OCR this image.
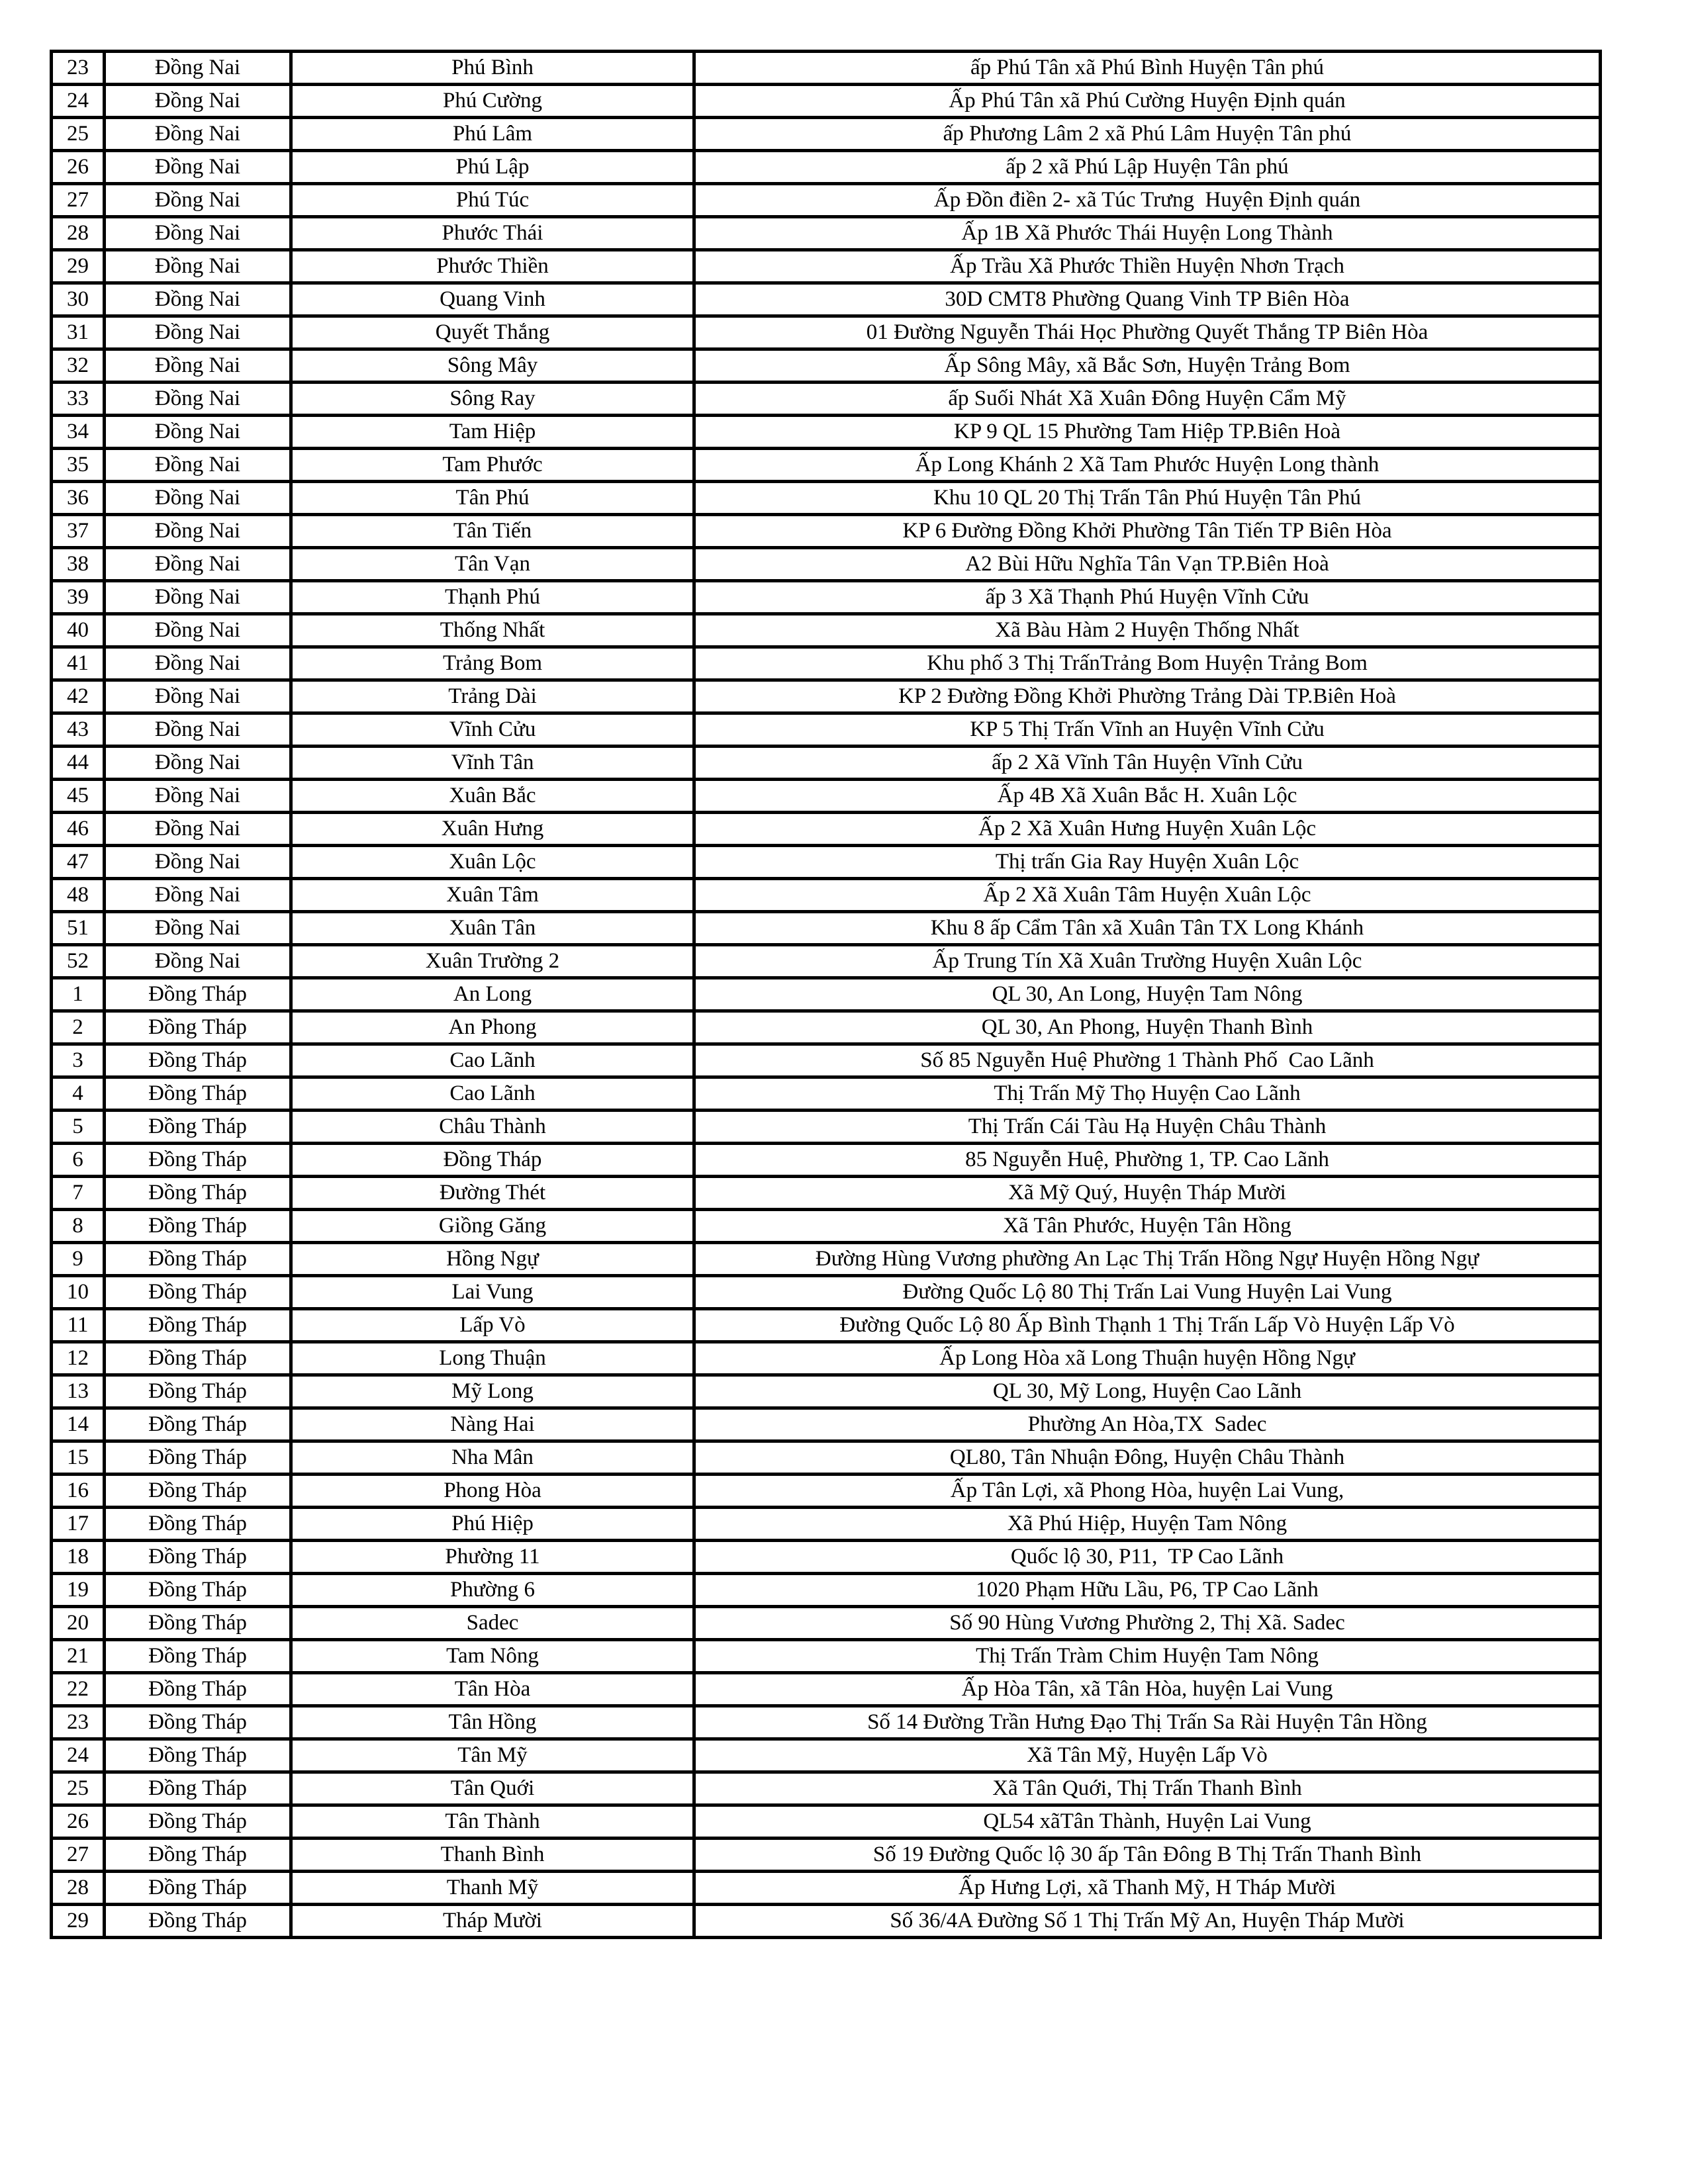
23	Đồng Nai	Phú Bình	ấp Phú Tân xã Phú Bình Huyện Tân phú
24	Đồng Nai	Phú Cường	Ấp Phú Tân xã Phú Cường Huyện Định quán
25	Đồng Nai	Phú Lâm	ấp Phương Lâm 2 xã Phú Lâm Huyện Tân phú
26	Đồng Nai	Phú Lập	ấp 2 xã Phú Lập Huyện Tân phú
27	Đồng Nai	Phú Túc	Ấp Đồn điền 2- xã Túc Trưng  Huyện Định quán
28	Đồng Nai	Phước Thái	Ấp 1B Xã Phước Thái Huyện Long Thành
29	Đồng Nai	Phước Thiền	Ấp Trầu Xã Phước Thiền Huyện Nhơn Trạch
30	Đồng Nai	Quang Vinh	30D CMT8 Phường Quang Vinh TP Biên Hòa
31	Đồng Nai	Quyết Thắng	01 Đường Nguyễn Thái Học Phường Quyết Thắng TP Biên Hòa
32	Đồng Nai	Sông Mây	Ấp Sông Mây, xã Bắc Sơn, Huyện Trảng Bom
33	Đồng Nai	Sông Ray	ấp Suối Nhát Xã Xuân Đông Huyện Cẩm Mỹ
34	Đồng Nai	Tam Hiệp	KP 9 QL 15 Phường Tam Hiệp TP.Biên Hoà
35	Đồng Nai	Tam Phước	Ấp Long Khánh 2 Xã Tam Phước Huyện Long thành
36	Đồng Nai	Tân Phú	Khu 10 QL 20 Thị Trấn Tân Phú Huyện Tân Phú
37	Đồng Nai	Tân Tiến	KP 6 Đường Đồng Khởi Phường Tân Tiến TP Biên Hòa
38	Đồng Nai	Tân Vạn	A2 Bùi Hữu Nghĩa Tân Vạn TP.Biên Hoà
39	Đồng Nai	Thạnh Phú	ấp 3 Xã Thạnh Phú Huyện Vĩnh Cửu
40	Đồng Nai	Thống Nhất	Xã Bàu Hàm 2 Huyện Thống Nhất
41	Đồng Nai	Trảng Bom	Khu phố 3 Thị TrấnTrảng Bom Huyện Trảng Bom
42	Đồng Nai	Trảng Dài	KP 2 Đường Đồng Khởi Phường Trảng Dài TP.Biên Hoà
43	Đồng Nai	Vĩnh Cửu	KP 5 Thị Trấn Vĩnh an Huyện Vĩnh Cửu
44	Đồng Nai	Vĩnh Tân	ấp 2 Xã Vĩnh Tân Huyện Vĩnh Cửu
45	Đồng Nai	Xuân Bắc	Ấp 4B Xã Xuân Bắc H. Xuân Lộc
46	Đồng Nai	Xuân Hưng	Ấp 2 Xã Xuân Hưng Huyện Xuân Lộc
47	Đồng Nai	Xuân Lộc	Thị trấn Gia Ray Huyện Xuân Lộc
48	Đồng Nai	Xuân Tâm	Ấp 2 Xã Xuân Tâm Huyện Xuân Lộc
51	Đồng Nai	Xuân Tân	Khu 8 ấp Cẩm Tân xã Xuân Tân TX Long Khánh
52	Đồng Nai	Xuân Trường 2	Ấp Trung Tín Xã Xuân Trường Huyện Xuân Lộc
1	Đồng Tháp	An Long	QL 30, An Long, Huyện Tam Nông
2	Đồng Tháp	An Phong	QL 30, An Phong, Huyện Thanh Bình
3	Đồng Tháp	Cao Lãnh	Số 85 Nguyễn Huệ Phường 1 Thành Phố  Cao Lãnh
4	Đồng Tháp	Cao Lãnh	Thị Trấn Mỹ Thọ Huyện Cao Lãnh
5	Đồng Tháp	Châu Thành	Thị Trấn Cái Tàu Hạ Huyện Châu Thành
6	Đồng Tháp	Đồng Tháp	85 Nguyễn Huệ, Phường 1, TP. Cao Lãnh
7	Đồng Tháp	Đường Thét	Xã Mỹ Quý, Huyện Tháp Mười
8	Đồng Tháp	Giồng Găng	Xã Tân Phước, Huyện Tân Hồng
9	Đồng Tháp	Hồng Ngự	Đường Hùng Vương phường An Lạc Thị Trấn Hồng Ngự Huyện Hồng Ngự
10	Đồng Tháp	Lai Vung	Đường Quốc Lộ 80 Thị Trấn Lai Vung Huyện Lai Vung
11	Đồng Tháp	Lấp Vò	Đường Quốc Lộ 80 Ấp Bình Thạnh 1 Thị Trấn Lấp Vò Huyện Lấp Vò
12	Đồng Tháp	Long Thuận	Ấp Long Hòa xã Long Thuận huyện Hồng Ngự
13	Đồng Tháp	Mỹ Long	QL 30, Mỹ Long, Huyện Cao Lãnh
14	Đồng Tháp	Nàng Hai	Phường An Hòa,TX  Sadec
15	Đồng Tháp	Nha Mân	QL80, Tân Nhuận Đông, Huyện Châu Thành
16	Đồng Tháp	Phong Hòa	Ấp Tân Lợi, xã Phong Hòa, huyện Lai Vung,
17	Đồng Tháp	Phú Hiệp	Xã Phú Hiệp, Huyện Tam Nông
18	Đồng Tháp	Phường 11	Quốc lộ 30, P11,  TP Cao Lãnh
19	Đồng Tháp	Phường 6	1020 Phạm Hữu Lầu, P6, TP Cao Lãnh
20	Đồng Tháp	Sadec	Số 90 Hùng Vương Phường 2, Thị Xã. Sadec
21	Đồng Tháp	Tam Nông	Thị Trấn Tràm Chim Huyện Tam Nông
22	Đồng Tháp	Tân Hòa	Ấp Hòa Tân, xã Tân Hòa, huyện Lai Vung
23	Đồng Tháp	Tân Hồng	Số 14 Đường Trần Hưng Đạo Thị Trấn Sa Rài Huyện Tân Hồng
24	Đồng Tháp	Tân Mỹ	Xã Tân Mỹ, Huyện Lấp Vò
25	Đồng Tháp	Tân Quới	Xã Tân Quới, Thị Trấn Thanh Bình
26	Đồng Tháp	Tân Thành	QL54 xãTân Thành, Huyện Lai Vung
27	Đồng Tháp	Thanh Bình	Số 19 Đường Quốc lộ 30 ấp Tân Đông B Thị Trấn Thanh Bình
28	Đồng Tháp	Thanh Mỹ	Ấp Hưng Lợi, xã Thanh Mỹ, H Tháp Mười
29	Đồng Tháp	Tháp Mười	Số 36/4A Đường Số 1 Thị Trấn Mỹ An, Huyện Tháp Mười
